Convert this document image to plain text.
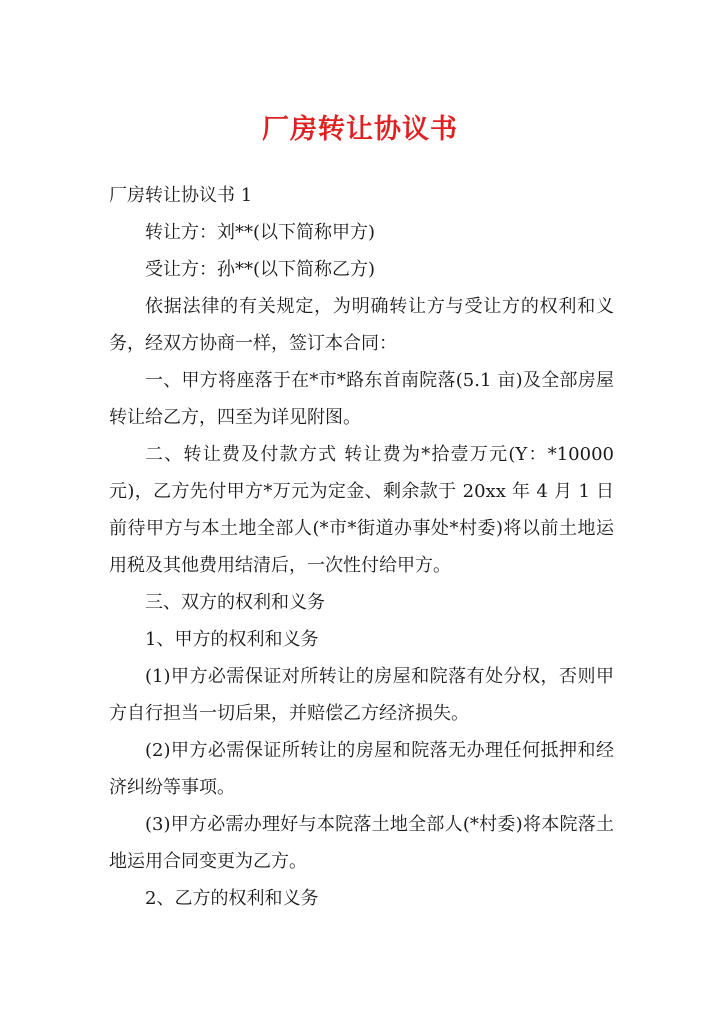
厂房转让协议书

厂房转让协议书 1

转让方：刘**(以下简称甲方)

受让方：孙**(以下简称乙方)

依据法律的有关规定，为明确转让方与受让方的权利和义务，经双方协商一样，签订本合同：

一、甲方将座落于在*市*路东首南院落(5.1 亩)及全部房屋转让给乙方，四至为详见附图。

二、转让费及付款方式 转让费为*拾壹万元(Y：*10000 元)，乙方先付甲方*万元为定金、剩余款于 20xx 年 4 月 1 日前待甲方与本土地全部人(*市*街道办事处*村委)将以前土地运用税及其他费用结清后，一次性付给甲方。

三、双方的权利和义务

1、甲方的权利和义务

(1)甲方必需保证对所转让的房屋和院落有处分权，否则甲方自行担当一切后果，并赔偿乙方经济损失。

(2)甲方必需保证所转让的房屋和院落无办理任何抵押和经济纠纷等事项。

(3)甲方必需办理好与本院落土地全部人(*村委)将本院落土地运用合同变更为乙方。

2、乙方的权利和义务
